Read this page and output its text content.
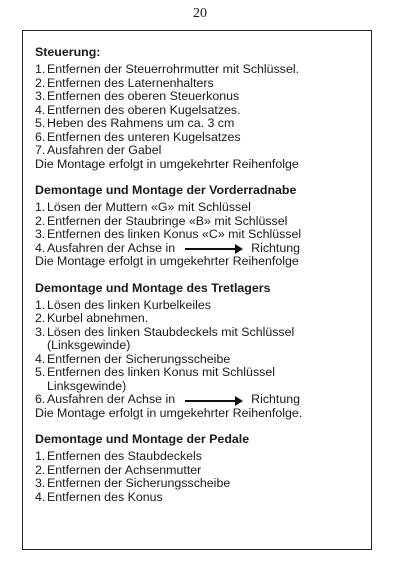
20
Steuerung:
1. Entfernen der Steuerrohrmutter mit Schlüssel.
2. Entfernen des Laternenhalters
3. Entfernen des oberen Steuerkonus
4. Entfernen des oberen Kugelsatzes.
5. Heben des Rahmens um ca. 3 cm
6. Entfernen des unteren Kugelsatzes
7. Ausfahren der Gabel
Die Montage erfolgt in umgekehrter Reihenfolge
Demontage und Montage der Vorderradnabe
1. Lösen der Muttern «G» mit Schlüssel
2. Entfernen der Staubringe «B» mit Schlüssel
3. Entfernen des linken Konus «C» mit Schlüssel
4. Ausfahren der Achse in	Richtung
Die Montage erfolgt in umgekehrter Reihenfolge
Demontage und Montage des Tretlagers
1. Lösen des linken Kurbelkeiles
2. Kurbel abnehmen.
3. Lösen des linken Staubdeckels mit Schlüssel
(Linksgewinde)
4. Entfernen der Sicherungsscheibe
5. Entfernen des linken Konus mit Schlüssel
Linksgewinde)
6. Ausfahren der Achse in	Richtung
Die Montage erfolgt in umgekehrter Reihenfolge.
Demontage und Montage der Pedale
1. Entfernen des Staubdeckels
2. Entfernen der Achsenmutter
3. Entfernen der Sicherungsscheibe
4. Entfernen des Konus
